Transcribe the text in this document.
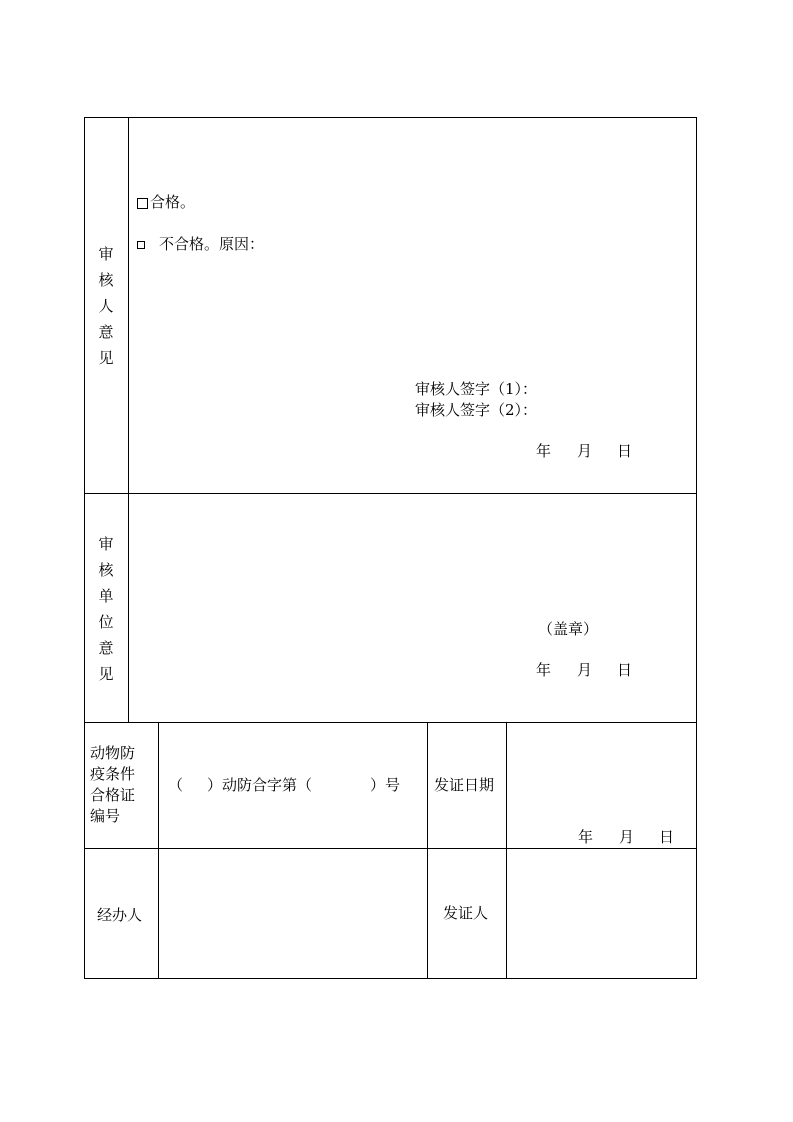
审
核
人
意
见
合格。
不合格。原因：
审核人签字（1）：
审核人签字（2）：
年 月 日
审
核
单
位
意
见
（盖章）
年 月 日
动物防
疫条件
合格证
编号
（ ）动防合字第（	）号 发证日期
年 月 日
经办人	发证人
